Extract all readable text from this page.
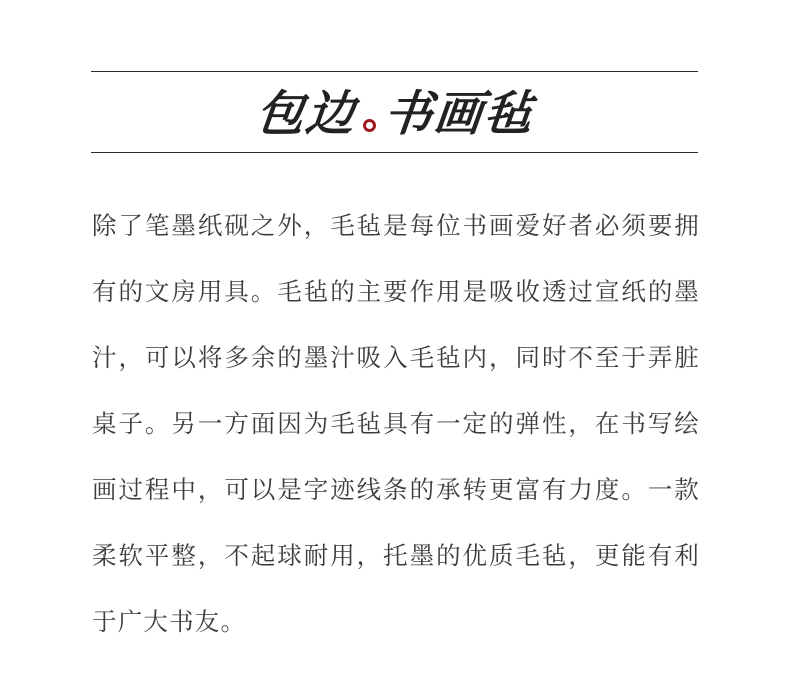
包边 书画毡

除了笔墨纸砚之外，毛毡是每位书画爱好者必须要拥有的文房用具。毛毡的主要作用是吸收透过宣纸的墨汁，可以将多余的墨汁吸入毛毡内，同时不至于弄脏桌子。另一方面因为毛毡具有一定的弹性，在书写绘画过程中，可以是字迹线条的承转更富有力度。一款柔软平整，不起球耐用，托墨的优质毛毡，更能有利于广大书友。
